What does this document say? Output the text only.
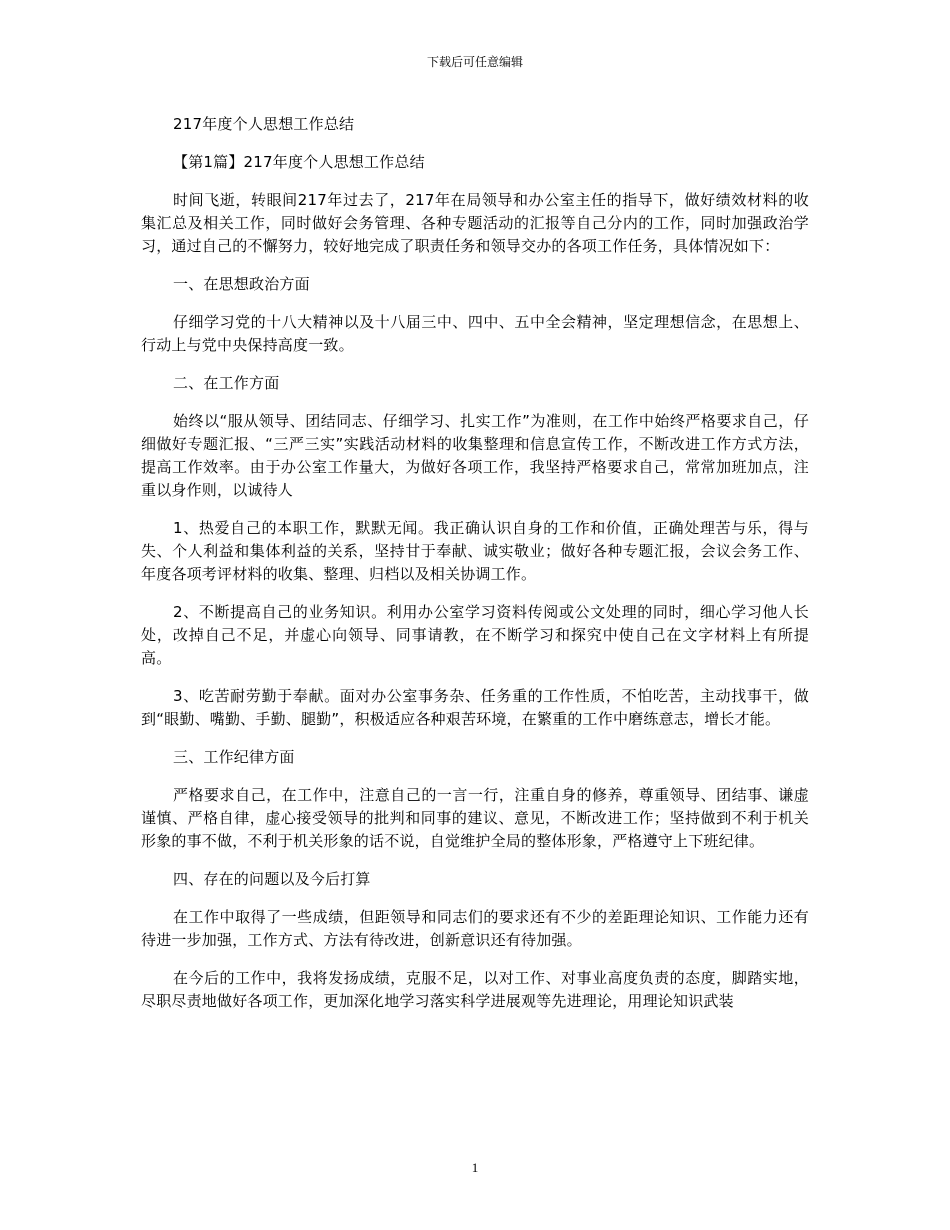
下载后可任意编辑

217年度个人思想工作总结

【第1篇】217年度个人思想工作总结

时间飞逝，转眼间217年过去了，217年在局领导和办公室主任的指导下，做好绩效材料的收集汇总及相关工作，同时做好会务管理、各种专题活动的汇报等自己分内的工作，同时加强政治学习，通过自己的不懈努力，较好地完成了职责任务和领导交办的各项工作任务，具体情况如下：

一、在思想政治方面

仔细学习党的十八大精神以及十八届三中、四中、五中全会精神，坚定理想信念，在思想上、行动上与党中央保持高度一致。

二、在工作方面

始终以“服从领导、团结同志、仔细学习、扎实工作”为准则，在工作中始终严格要求自己，仔细做好专题汇报、“三严三实”实践活动材料的收集整理和信息宣传工作，不断改进工作方式方法，提高工作效率。由于办公室工作量大，为做好各项工作，我坚持严格要求自己，常常加班加点，注重以身作则，以诚待人

1、热爱自己的本职工作，默默无闻。我正确认识自身的工作和价值，正确处理苦与乐，得与失、个人利益和集体利益的关系，坚持甘于奉献、诚实敬业；做好各种专题汇报，会议会务工作、年度各项考评材料的收集、整理、归档以及相关协调工作。

2、不断提高自己的业务知识。利用办公室学习资料传阅或公文处理的同时，细心学习他人长处，改掉自己不足，并虚心向领导、同事请教，在不断学习和探究中使自己在文字材料上有所提高。

3、吃苦耐劳勤于奉献。面对办公室事务杂、任务重的工作性质，不怕吃苦，主动找事干，做到“眼勤、嘴勤、手勤、腿勤”，积极适应各种艰苦环境，在繁重的工作中磨练意志，增长才能。

三、工作纪律方面

严格要求自己，在工作中，注意自己的一言一行，注重自身的修养，尊重领导、团结事、谦虚谨慎、严格自律，虚心接受领导的批判和同事的建议、意见，不断改进工作；坚持做到不利于机关形象的事不做，不利于机关形象的话不说，自觉维护全局的整体形象，严格遵守上下班纪律。

四、存在的问题以及今后打算

在工作中取得了一些成绩，但距领导和同志们的要求还有不少的差距理论知识、工作能力还有待进一步加强，工作方式、方法有待改进，创新意识还有待加强。

在今后的工作中，我将发扬成绩，克服不足，以对工作、对事业高度负责的态度，脚踏实地，尽职尽责地做好各项工作，更加深化地学习落实科学进展观等先进理论，用理论知识武装

1
